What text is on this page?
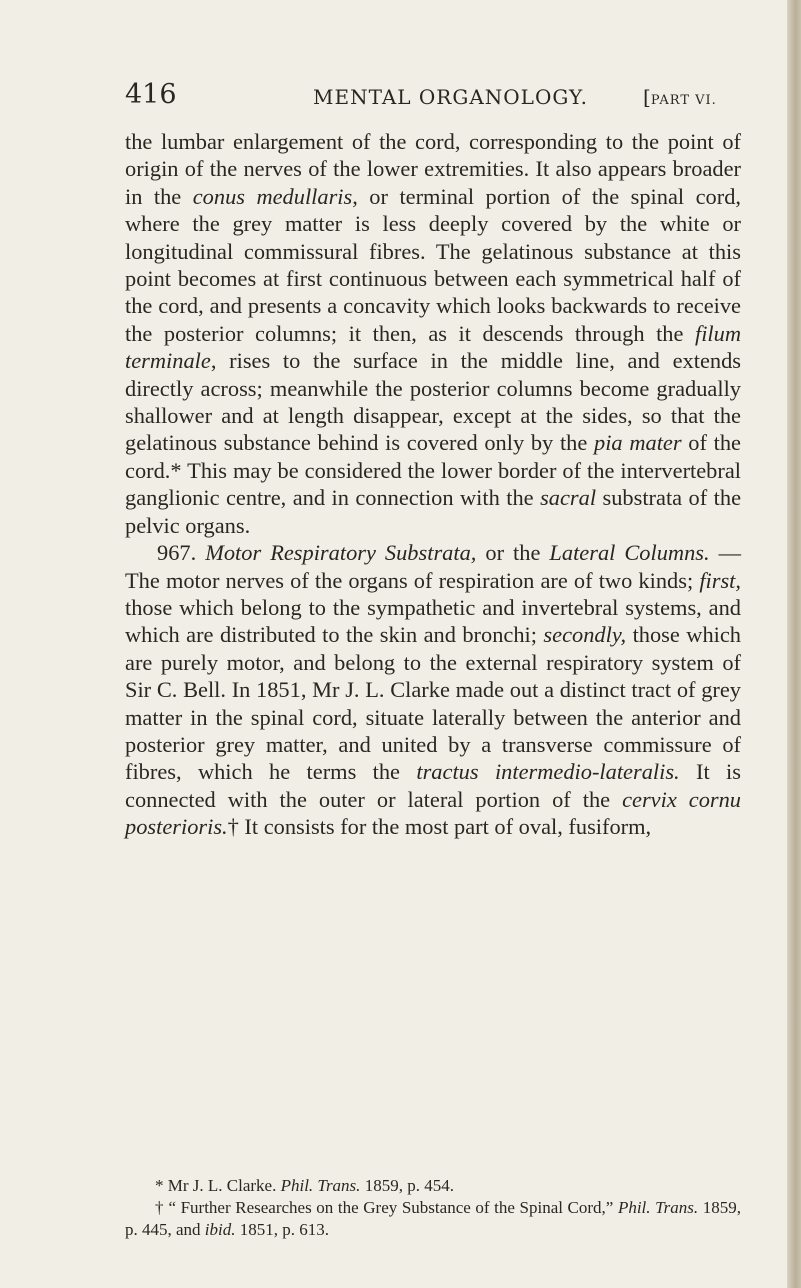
416	MENTAL ORGANOLOGY.	[PART VI.

the lumbar enlargement of the cord, corresponding to the point of origin of the nerves of the lower extremities. It also appears broader in the conus medullaris, or terminal portion of the spinal cord, where the grey matter is less deeply covered by the white or longitudinal commissural fibres. The gelatinous substance at this point becomes at first continuous between each symmetrical half of the cord, and presents a concavity which looks backwards to receive the posterior columns; it then, as it descends through the filum terminale, rises to the surface in the middle line, and extends directly across; meanwhile the posterior columns become gradually shallower and at length disappear, except at the sides, so that the gelatinous substance behind is covered only by the pia mater of the cord.* This may be considered the lower border of the intervertebral ganglionic centre, and in connection with the sacral substrata of the pelvic organs.

967. Motor Respiratory Substrata, or the Lateral Columns. —The motor nerves of the organs of respiration are of two kinds; first, those which belong to the sympathetic and invertebral systems, and which are distributed to the skin and bronchi; secondly, those which are purely motor, and belong to the external respiratory system of Sir C. Bell. In 1851, Mr J. L. Clarke made out a distinct tract of grey matter in the spinal cord, situate laterally between the anterior and posterior grey matter, and united by a transverse commissure of fibres, which he terms the tractus intermedio-lateralis. It is connected with the outer or lateral portion of the cervix cornu posterioris.† It consists for the most part of oval, fusiform,

* Mr J. L. Clarke. Phil. Trans. 1859, p. 454.

† “ Further Researches on the Grey Substance of the Spinal Cord,” Phil. Trans. 1859, p. 445, and ibid. 1851, p. 613.
